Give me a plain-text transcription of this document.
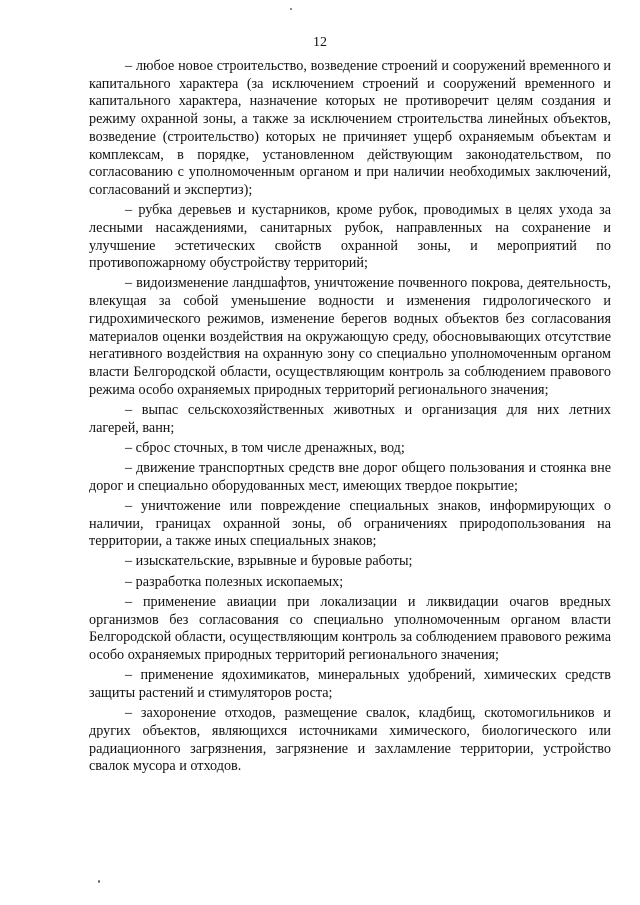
12

– любое новое строительство, возведение строений и сооружений временного и капитального характера (за исключением строений и сооружений временного и капитального характера, назначение которых не противоречит целям создания и режиму охранной зоны, а также за исключением строительства линейных объектов, возведение (строительство) которых не причиняет ущерб охраняемым объектам и комплексам, в порядке, установленном действующим законодательством, по согласованию с уполномоченным органом и при наличии необходимых заключений, согласований и экспертиз);

– рубка деревьев и кустарников, кроме рубок, проводимых в целях ухода за лесными насаждениями, санитарных рубок, направленных на сохранение и улучшение эстетических свойств охранной зоны, и мероприятий по противопожарному обустройству территорий;

– видоизменение ландшафтов, уничтожение почвенного покрова, деятельность, влекущая за собой уменьшение водности и изменения гидрологического и гидрохимического режимов, изменение берегов водных объектов без согласования материалов оценки воздействия на окружающую среду, обосновывающих отсутствие негативного воздействия на охранную зону со специально уполномоченным органом власти Белгородской области, осуществляющим контроль за соблюдением правового режима особо охраняемых природных территорий регионального значения;

– выпас сельскохозяйственных животных и организация для них летних лагерей, ванн;

– сброс сточных, в том числе дренажных, вод;

– движение транспортных средств вне дорог общего пользования и стоянка вне дорог и специально оборудованных мест, имеющих твердое покрытие;

– уничтожение или повреждение специальных знаков, информирующих о наличии, границах охранной зоны, об ограничениях природопользования на территории, а также иных специальных знаков;

– изыскательские, взрывные и буровые работы;

– разработка полезных ископаемых;

– применение авиации при локализации и ликвидации очагов вредных организмов без согласования со специально уполномоченным органом власти Белгородской области, осуществляющим контроль за соблюдением правового режима особо охраняемых природных территорий регионального значения;

– применение ядохимикатов, минеральных удобрений, химических средств защиты растений и стимуляторов роста;

– захоронение отходов, размещение свалок, кладбищ, скотомогильников и других объектов, являющихся источниками химического, биологического или радиационного загрязнения, загрязнение и захламление территории, устройство свалок мусора и отходов.
